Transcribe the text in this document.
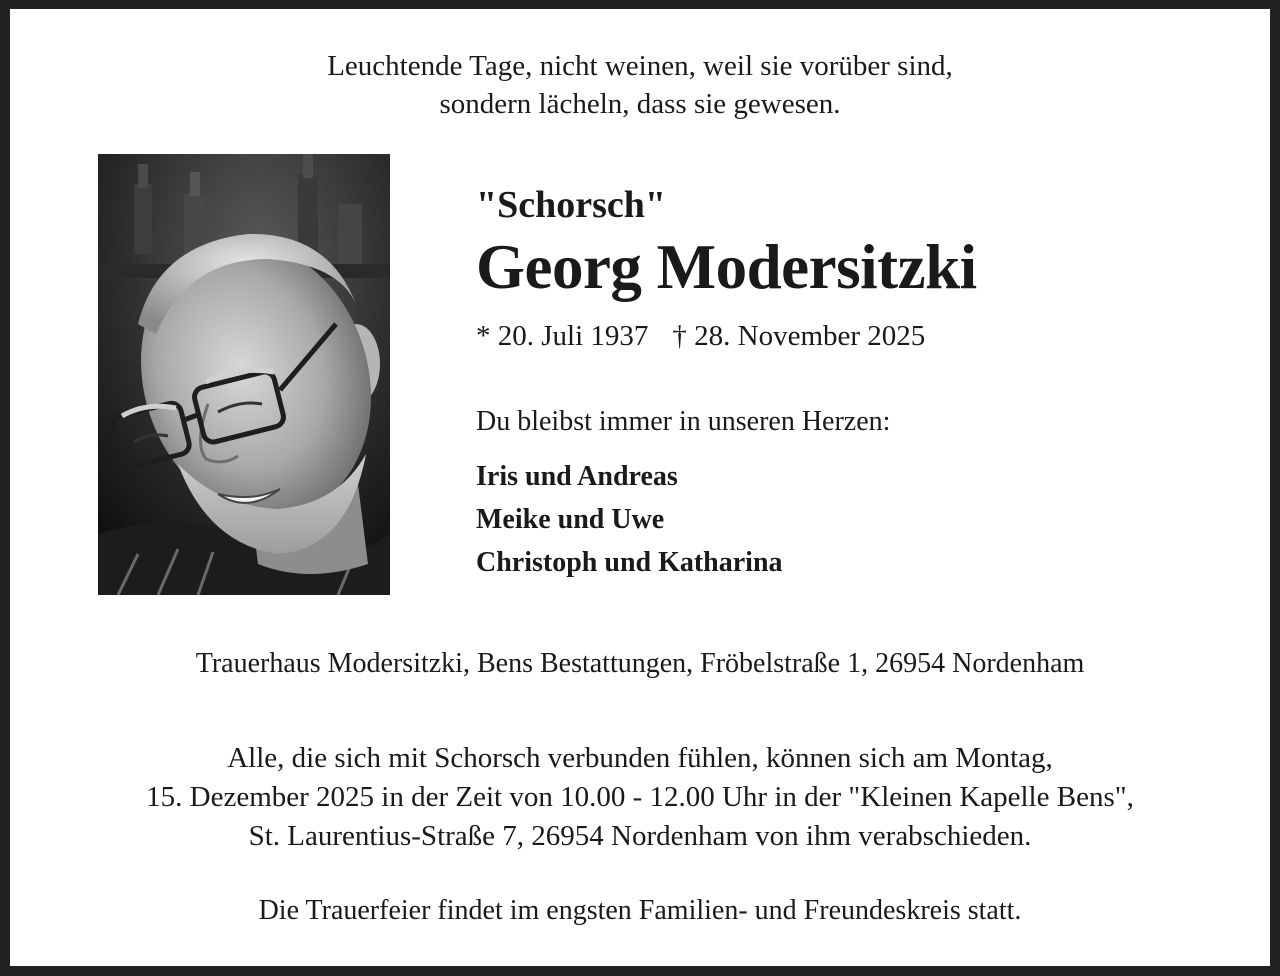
Leuchtende Tage, nicht weinen, weil sie vorüber sind,
sondern lächeln, dass sie gewesen.
"Schorsch"
Georg Modersitzki
* 20. Juli 1937 † 28. November 2025
Du bleibst immer in unseren Herzen:
Iris und Andreas
Meike und Uwe
Christoph und Katharina
Trauerhaus Modersitzki, Bens Bestattungen, Fröbelstraße 1, 26954 Nordenham
Alle, die sich mit Schorsch verbunden fühlen, können sich am Montag,
15. Dezember 2025 in der Zeit von 10.00 - 12.00 Uhr in der "Kleinen Kapelle Bens",
St. Laurentius-Straße 7, 26954 Nordenham von ihm verabschieden.
Die Trauerfeier findet im engsten Familien- und Freundeskreis statt.
